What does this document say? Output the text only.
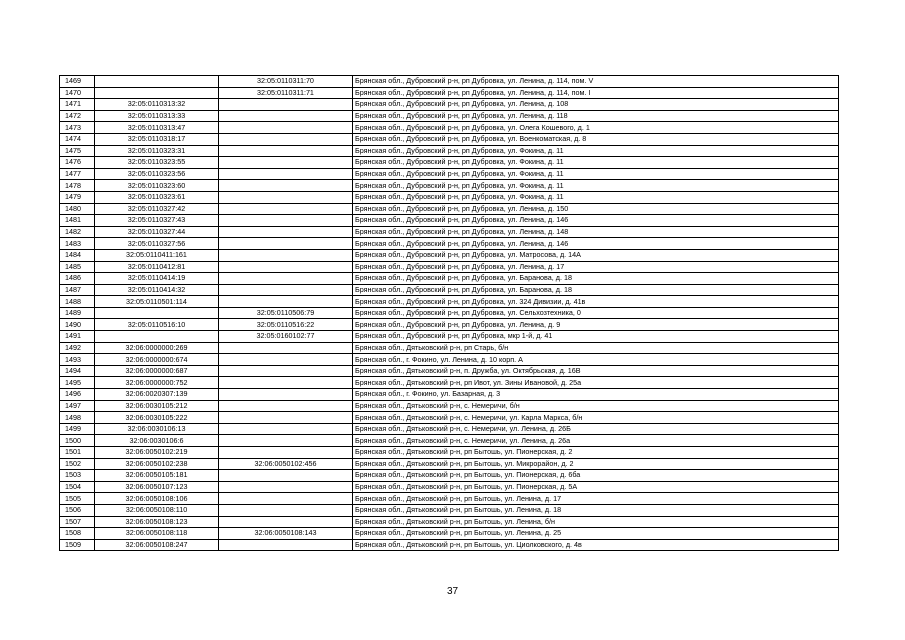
1469		32:05:0110311:70	Брянская обл., Дубровский р-н, рп Дубровка, ул. Ленина, д. 114, пом. V
1470		32:05:0110311:71	Брянская обл., Дубровский р-н, рп Дубровка, ул. Ленина, д. 114, пом. I
1471	32:05:0110313:32		Брянская обл., Дубровский р-н, рп Дубровка, ул. Ленина, д. 108
1472	32:05:0110313:33		Брянская обл., Дубровский р-н, рп Дубровка, ул. Ленина, д. 118
1473	32:05:0110313:47		Брянская обл., Дубровский р-н, рп Дубровка, ул. Олега Кошевого, д. 1
1474	32:05:0110318:17		Брянская обл., Дубровский р-н, рп Дубровка, ул. Военкоматская, д. 8
1475	32:05:0110323:31		Брянская обл., Дубровский р-н, рп Дубровка, ул. Фокина, д. 11
1476	32:05:0110323:55		Брянская обл., Дубровский р-н, рп Дубровка, ул. Фокина, д. 11
1477	32:05:0110323:56		Брянская обл., Дубровский р-н, рп Дубровка, ул. Фокина, д. 11
1478	32:05:0110323:60		Брянская обл., Дубровский р-н, рп Дубровка, ул. Фокина, д. 11
1479	32:05:0110323:61		Брянская обл., Дубровский р-н, рп Дубровка, ул. Фокина, д. 11
1480	32:05:0110327:42		Брянская обл., Дубровский р-н, рп Дубровка, ул. Ленина, д. 150
1481	32:05:0110327:43		Брянская обл., Дубровский р-н, рп Дубровка, ул. Ленина, д. 146
1482	32:05:0110327:44		Брянская обл., Дубровский р-н, рп Дубровка, ул. Ленина, д. 148
1483	32:05:0110327:56		Брянская обл., Дубровский р-н, рп Дубровка, ул. Ленина, д. 146
1484	32:05:0110411:161		Брянская обл., Дубровский р-н, рп Дубровка, ул. Матросова, д. 14А
1485	32:05:0110412:81		Брянская обл., Дубровский р-н, рп Дубровка, ул. Ленина, д. 17
1486	32:05:0110414:19		Брянская обл., Дубровский р-н, рп Дубровка, ул. Баранова, д. 18
1487	32:05:0110414:32		Брянская обл., Дубровский р-н, рп Дубровка, ул. Баранова, д. 18
1488	32:05:0110501:114		Брянская обл., Дубровский р-н, рп Дубровка, ул. 324 Дивизии, д. 41в
1489		32:05:0110506:79	Брянская обл., Дубровский р-н, рп Дубровка, ул. Сельхозтехника, 0
1490	32:05:0110516:10	32:05:0110516:22	Брянская обл., Дубровский р-н, рп Дубровка, ул. Ленина, д. 9
1491		32:05:0160102:77	Брянская обл., Дубровский р-н, рп Дубровка, мкр 1-й, д. 41
1492	32:06:0000000:269		Брянская обл., Дятьковский р-н, рп Старь, б/н
1493	32:06:0000000:674		Брянская обл., г. Фокино, ул. Ленина, д. 10 корп. А
1494	32:06:0000000:687		Брянская обл., Дятьковский р-н, п. Дружба, ул. Октябрьская, д. 16В
1495	32:06:0000000:752		Брянская обл., Дятьковский р-н, рп Ивот, ул. Зины Ивановой, д. 25а
1496	32:06:0020307:139		Брянская обл., г. Фокино, ул. Базарная, д. 3
1497	32:06:0030105:212		Брянская обл., Дятьковский р-н, с. Немеричи, б/н
1498	32:06:0030105:222		Брянская обл., Дятьковский р-н, с. Немеричи, ул. Карла Маркса, б/н
1499	32:06:0030106:13		Брянская обл., Дятьковский р-н, с. Немеричи, ул. Ленина, д. 26Б
1500	32:06:0030106:6		Брянская обл., Дятьковский р-н, с. Немеричи, ул. Ленина, д. 26а
1501	32:06:0050102:219		Брянская обл., Дятьковский р-н, рп Бытошь, ул. Пионерская, д. 2
1502	32:06:0050102:238	32:06:0050102:456	Брянская обл., Дятьковский р-н, рп Бытошь, ул. Микрорайон, д. 2
1503	32:06:0050105:181		Брянская обл., Дятьковский р-н, рп Бытошь, ул. Пионерская, д. 6ба
1504	32:06:0050107:123		Брянская обл., Дятьковский р-н, рп Бытошь, ул. Пионерская, д. 5А
1505	32:06:0050108:106		Брянская обл., Дятьковский р-н, рп Бытошь, ул. Ленина, д. 17
1506	32:06:0050108:110		Брянская обл., Дятьковский р-н, рп Бытошь, ул. Ленина, д. 18
1507	32:06:0050108:123		Брянская обл., Дятьковский р-н, рп Бытошь, ул. Ленина, б/н
1508	32:06:0050108:118	32:06:0050108:143	Брянская обл., Дятьковский р-н, рп Бытошь, ул. Ленина, д. 25
1509	32:06:0050108:247		Брянская обл., Дятьковский р-н, рп Бытошь, ул. Циолковского, д. 4в
37
